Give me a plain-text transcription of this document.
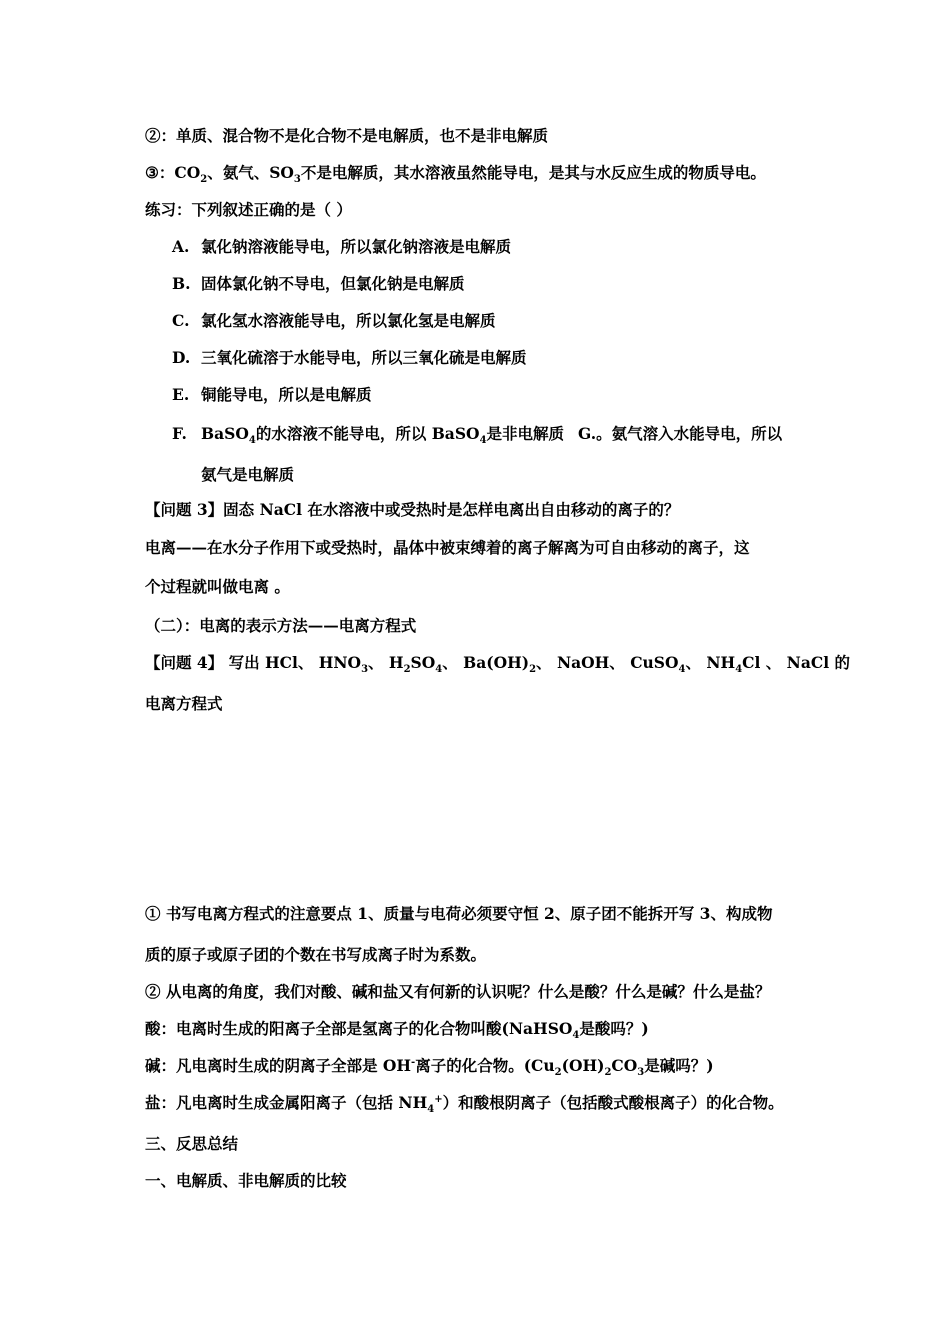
②：单质、混合物不是化合物不是电解质，也不是非电解质
③：$CO_2$、氨气、$SO_3$不是电解质，其水溶液虽然能导电，是其与水反应生成的物质导电。
练习：下列叙述正确的是（ ）
A. 氯化钠溶液能导电，所以氯化钠溶液是电解质
B. 固体氯化钠不导电，但氯化钠是电解质
C. 氯化氢水溶液能导电，所以氯化氢是电解质
D. 三氧化硫溶于水能导电，所以三氧化硫是电解质
E. 铜能导电，所以是电解质
F. BaSO$_4$的水溶液不能导电，所以 BaSO$_4$是非电解质 G.。氨气溶入水能导电，所以
氨气是电解质
【问题 3】固态 NaCl 在水溶液中或受热时是怎样电离出自由移动的离子的？
电离——在水分子作用下或受热时，晶体中被束缚着的离子解离为可自由移动的离子，这
个过程就叫做电离 。
（二）：电离的表示方法——电离方程式
【问题 4】 写出 HCl、 $HNO_3$、 $H_2SO_4$、 $Ba(OH)_2$、 NaOH、 CuSO$_4$、 $NH_4Cl$ 、 NaCl 的
电离方程式
① 书写电离方程式的注意要点 1、质量与电荷必须要守恒 2、原子团不能拆开写 3、构成物
质的原子或原子团的个数在书写成离子时为系数。
② 从电离的角度，我们对酸、碱和盐又有何新的认识呢？什么是酸？什么是碱？什么是盐？
酸：电离时生成的阳离子全部是氢离子的化合物叫酸(NaHSO$_4$是酸吗？)
碱：凡电离时生成的阴离子全部是 OH-离子的化合物。($Cu_2(OH)_2CO_3$是碱吗？)
盐：凡电离时生成金属阳离子（包括 $NH_4^+$）和酸根阴离子（包括酸式酸根离子）的化合物。
三、反思总结
一、电解质、非电解质的比较
